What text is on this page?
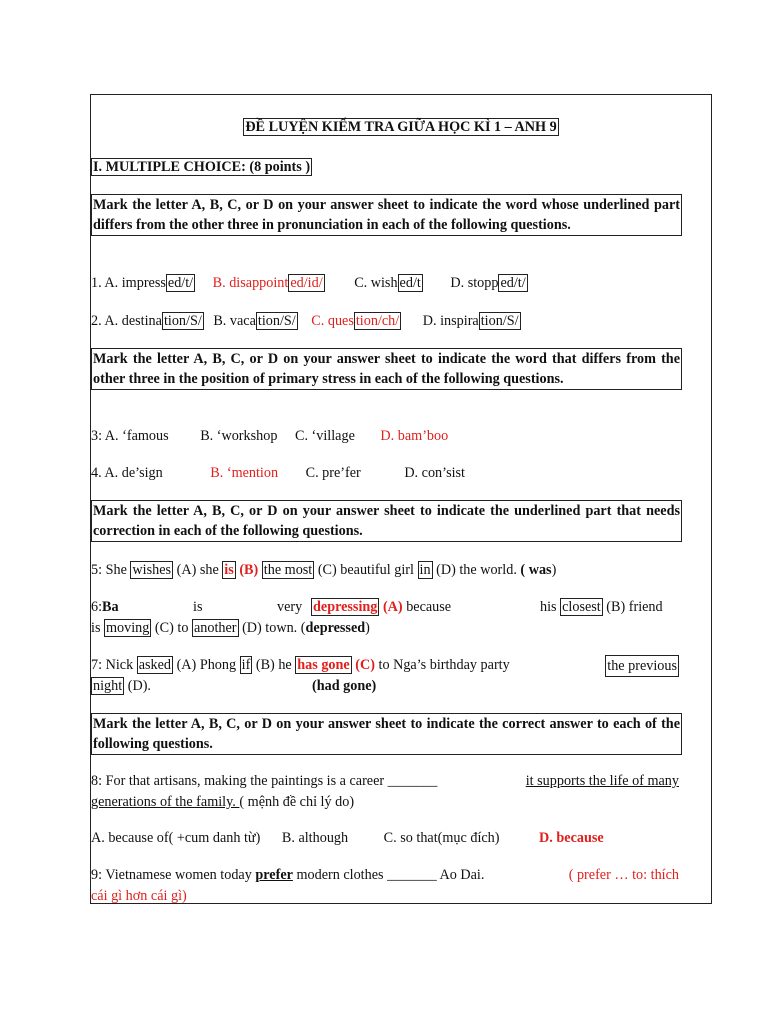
ĐỀ LUYỆN KIỂM TRA GIỮA HỌC KÌ 1 – ANH 9
I. MULTIPLE CHOICE: (8 points )
Mark the letter A, B, C, or D on your answer sheet to indicate the word whose underlined part differs from the other three in pronunciation in each of the following questions.
1. A. impress ed/t/ B. disappoint ed/id/ C. wish ed/t D. stopp ed/t/
2. A. destina tion/S/ B. vaca tion/S/ C. ques tion/ch/ D. inspira tion/S/
Mark the letter A, B, C, or D on your answer sheet to indicate the word that differs from the other three in the position of primary stress in each of the following questions.
3: A. ‘famous B. ‘workshop C. ‘village D. bam’boo
4. A. de’sign	B. ‘mention C. pre’fer	D. con’sist
Mark the letter A, B, C, or D on your answer sheet to indicate the underlined part that needs correction in each of the following questions.
5: She wishes (A) she is (B) the most (C) beautiful girl in (D) the world. ( was)
6:Ba	is	very depressing (A) because	his closest (B) friend
is moving (C) to another (D) town. (depressed)
7: Nick asked (A) Phong if (B) he has gone (C) to Nga’s birthday party	the previous
night (D).	(had gone)
Mark the letter A, B, C, or D on your answer sheet to indicate the correct answer to each of the following questions.
8: For that artisans, making the paintings is a career _______	it supports the life of many
generations of the family. ( mệnh đề chỉ lý do)
A. because of( +cum danh từ) B. although	C. so that(mục đích)	D. because
9: Vietnamese women today prefer modern clothes _______ Ao Dai.	( prefer … to: thích
cái gì hơn cái gì)
